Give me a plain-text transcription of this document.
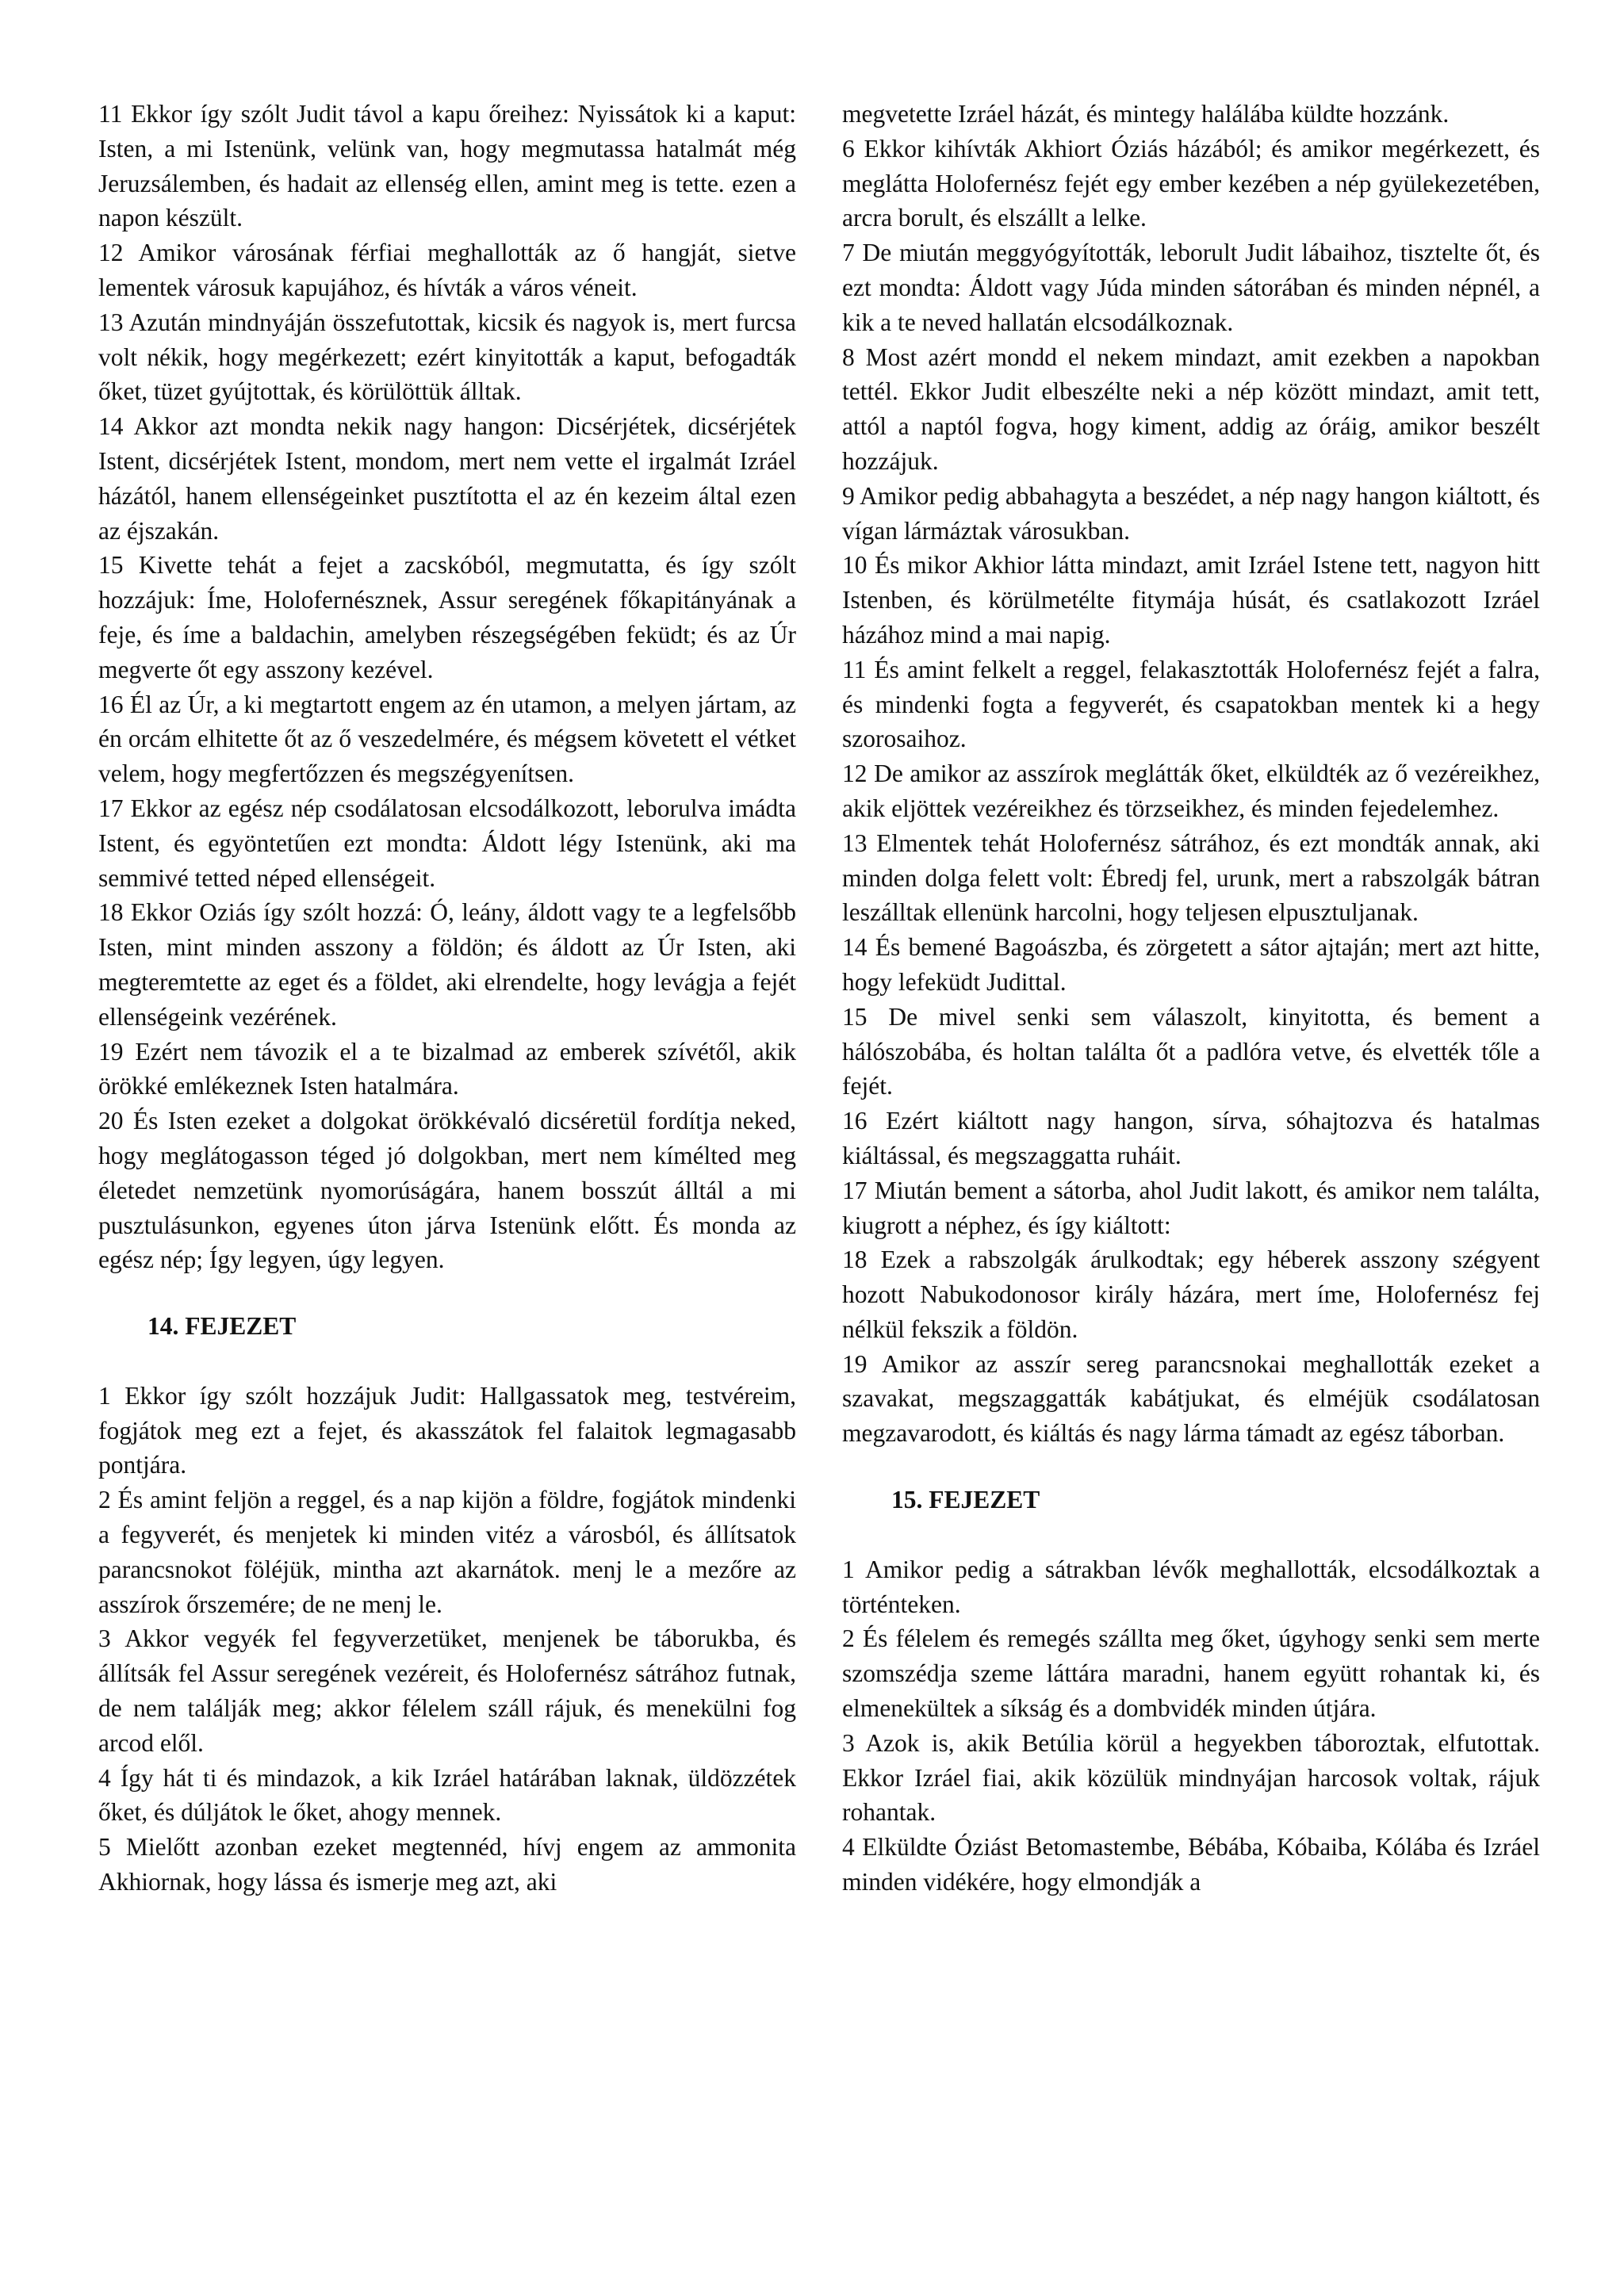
11 Ekkor így szólt Judit távol a kapu őreihez: Nyissátok ki a kaput: Isten, a mi Istenünk, velünk van, hogy megmutassa hatalmát még Jeruzsálemben, és hadait az ellenség ellen, amint meg is tette. ezen a napon készült.

12 Amikor városának férfiai meghallották az ő hangját, sietve lementek városuk kapujához, és hívták a város véneit.

13 Azután mindnyáján összefutottak, kicsik és nagyok is, mert furcsa volt nékik, hogy megérkezett; ezért kinyitották a kaput, befogadták őket, tüzet gyújtottak, és körülöttük álltak.

14 Akkor azt mondta nekik nagy hangon: Dicsérjétek, dicsérjétek Istent, dicsérjétek Istent, mondom, mert nem vette el irgalmát Izráel házától, hanem ellenségeinket pusztította el az én kezeim által ezen az éjszakán.

15 Kivette tehát a fejet a zacskóból, megmutatta, és így szólt hozzájuk: Íme, Holofernésznek, Assur seregének főkapitányának a feje, és íme a baldachin, amelyben részegségében feküdt; és az Úr megverte őt egy asszony kezével.

16 Él az Úr, a ki megtartott engem az én utamon, a melyen jártam, az én orcám elhitette őt az ő veszedelmére, és mégsem követett el vétket velem, hogy megfertőzzen és megszégyenítsen.

17 Ekkor az egész nép csodálatosan elcsodálkozott, leborulva imádta Istent, és egyöntetűen ezt mondta: Áldott légy Istenünk, aki ma semmivé tetted néped ellenségeit.

18 Ekkor Oziás így szólt hozzá: Ó, leány, áldott vagy te a legfelsőbb Isten, mint minden asszony a földön; és áldott az Úr Isten, aki megteremtette az eget és a földet, aki elrendelte, hogy levágja a fejét ellenségeink vezérének.

19 Ezért nem távozik el a te bizalmad az emberek szívétől, akik örökké emlékeznek Isten hatalmára.

20 És Isten ezeket a dolgokat örökkévaló dicséretül fordítja neked, hogy meglátogasson téged jó dolgokban, mert nem kímélted meg életedet nemzetünk nyomorúságára, hanem bosszút álltál a mi pusztulásunkon, egyenes úton járva Istenünk előtt. És monda az egész nép; Így legyen, úgy legyen.

14. FEJEZET

1 Ekkor így szólt hozzájuk Judit: Hallgassatok meg, testvéreim, fogjátok meg ezt a fejet, és akasszátok fel falaitok legmagasabb pontjára.

2 És amint feljön a reggel, és a nap kijön a földre, fogjátok mindenki a fegyverét, és menjetek ki minden vitéz a városból, és állítsatok parancsnokot föléjük, mintha azt akarnátok. menj le a mezőre az asszírok őrszemére; de ne menj le.

3 Akkor vegyék fel fegyverzetüket, menjenek be táborukba, és állítsák fel Assur seregének vezéreit, és Holofernész sátrához futnak, de nem találják meg; akkor félelem száll rájuk, és menekülni fog arcod elől.

4 Így hát ti és mindazok, a kik Izráel határában laknak, üldözzétek őket, és dúljátok le őket, ahogy mennek.

5 Mielőtt azonban ezeket megtennéd, hívj engem az ammonita Akhiornak, hogy lássa és ismerje meg azt, aki

megvetette Izráel házát, és mintegy halálába küldte hozzánk.

6 Ekkor kihívták Akhiort Óziás házából; és amikor megérkezett, és meglátta Holofernész fejét egy ember kezében a nép gyülekezetében, arcra borult, és elszállt a lelke.

7 De miután meggyógyították, leborult Judit lábaihoz, tisztelte őt, és ezt mondta: Áldott vagy Júda minden sátorában és minden népnél, a kik a te neved hallatán elcsodálkoznak.

8 Most azért mondd el nekem mindazt, amit ezekben a napokban tettél. Ekkor Judit elbeszélte neki a nép között mindazt, amit tett, attól a naptól fogva, hogy kiment, addig az óráig, amikor beszélt hozzájuk.

9 Amikor pedig abbahagyta a beszédet, a nép nagy hangon kiáltott, és vígan lármáztak városukban.

10 És mikor Akhior látta mindazt, amit Izráel Istene tett, nagyon hitt Istenben, és körülmetélte fitymája húsát, és csatlakozott Izráel házához mind a mai napig.

11 És amint felkelt a reggel, felakasztották Holofernész fejét a falra, és mindenki fogta a fegyverét, és csapatokban mentek ki a hegy szorosaihoz.

12 De amikor az asszírok meglátták őket, elküldték az ő vezéreikhez, akik eljöttek vezéreikhez és törzseikhez, és minden fejedelemhez.

13 Elmentek tehát Holofernész sátrához, és ezt mondták annak, aki minden dolga felett volt: Ébredj fel, urunk, mert a rabszolgák bátran leszálltak ellenünk harcolni, hogy teljesen elpusztuljanak.

14 És bemené Bagoászba, és zörgetett a sátor ajtaján; mert azt hitte, hogy lefeküdt Judittal.

15 De mivel senki sem válaszolt, kinyitotta, és bement a hálószobába, és holtan találta őt a padlóra vetve, és elvették tőle a fejét.

16 Ezért kiáltott nagy hangon, sírva, sóhajtozva és hatalmas kiáltással, és megszaggatta ruháit.

17 Miután bement a sátorba, ahol Judit lakott, és amikor nem találta, kiugrott a néphez, és így kiáltott:

18 Ezek a rabszolgák árulkodtak; egy héberek asszony szégyent hozott Nabukodonosor király házára, mert íme, Holofernész fej nélkül fekszik a földön.

19 Amikor az asszír sereg parancsnokai meghallották ezeket a szavakat, megszaggatták kabátjukat, és elméjük csodálatosan megzavarodott, és kiáltás és nagy lárma támadt az egész táborban.

15. FEJEZET

1 Amikor pedig a sátrakban lévők meghallották, elcsodálkoztak a történteken.

2 És félelem és remegés szállta meg őket, úgyhogy senki sem merte szomszédja szeme láttára maradni, hanem együtt rohantak ki, és elmenekültek a síkság és a dombvidék minden útjára.

3 Azok is, akik Betúlia körül a hegyekben táboroztak, elfutottak. Ekkor Izráel fiai, akik közülük mindnyájan harcosok voltak, rájuk rohantak.

4 Elküldte Óziást Betomastembe, Bébába, Kóbaiba, Kólába és Izráel minden vidékére, hogy elmondják a
